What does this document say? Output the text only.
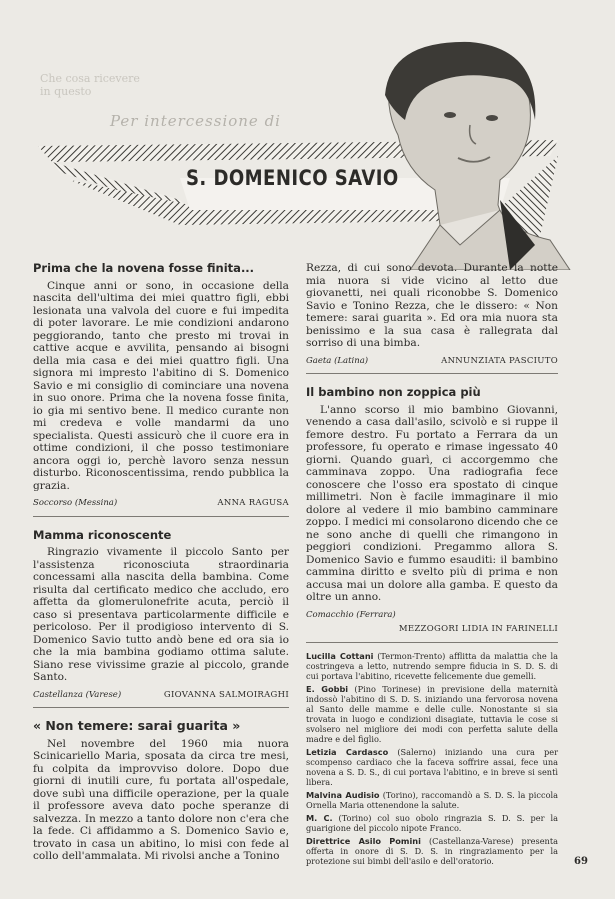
Che cosa ricevere
in questo
Per intercessione di
S. DOMENICO SAVIO
Prima che la novena fosse finita...

Cinque anni or sono, in occasione della nascita dell'ultima dei miei quattro figli, ebbi lesionata una valvola del cuore e fui impedita di poter lavorare. Le mie condizioni andarono peggiorando, tanto che presto mi trovai in cattive acque e avvilita, pensando ai bisogni della mia casa e dei miei quattro figli. Una signora mi impresto l'abitino di S. Domenico Savio e mi consiglio di cominciare una novena in suo onore. Prima che la novena fosse finita, io gia mi sentivo bene. Il medico curante non mi credeva e volle mandarmi da uno specialista. Questi assicurò che il cuore era in ottime condizioni, il che posso testimoniare ancora oggi io, perchè lavoro senza nessun disturbo. Riconoscentissima, rendo pubblica la grazia.

Soccorso (Messina)	ANNA RAGUSA
Mamma riconoscente

Ringrazio vivamente il piccolo Santo per l'assistenza riconosciuta straordinaria concessami alla nascita della bambina. Come risulta dal certificato medico che accludo, ero affetta da glomerulonefrite acuta, perciò il caso si presentava particolarmente difficile e pericoloso. Per il prodigioso intervento di S. Domenico Savio tutto andò bene ed ora sia io che la mia bambina godiamo ottima salute. Siano rese vivissime grazie al piccolo, grande Santo.

Castellanza (Varese)	GIOVANNA SALMOIRAGHI
« Non temere: sarai guarita »

Nel novembre del 1960 mia nuora Scinicariello Maria, sposata da circa tre mesi, fu colpita da improvviso dolore. Dopo due giorni di inutili cure, fu portata all'ospedale, dove subì una difficile operazione, per la quale il professore aveva dato poche speranze di salvezza. In mezzo a tanto dolore non c'era che la fede. Ci affidammo a S. Domenico Savio e, trovato in casa un abitino, lo misi con fede al collo dell'ammalata. Mi rivolsi anche a Tonino

Rezza, di cui sono devota. Durante la notte mia nuora si vide vicino al letto due giovanetti, nei quali riconobbe S. Domenico Savio e Tonino Rezza, che le dissero: « Non temere: sarai guarita ». Ed ora mia nuora sta benissimo e la sua casa è rallegrata dal sorriso di una bimba.

Gaeta (Latina)	ANNUNZIATA PASCIUTO
Il bambino non zoppica più

L'anno scorso il mio bambino Giovanni, venendo a casa dall'asilo, scivolò e si ruppe il femore destro. Fu portato a Ferrara da un professore, fu operato e rimase ingessato 40 giorni. Quando guarì, ci accorgemmo che camminava zoppo. Una radiografia fece conoscere che l'osso era spostato di cinque millimetri. Non è facile immaginare il mio dolore al vedere il mio bambino camminare zoppo. I medici mi consolarono dicendo che ce ne sono anche di quelli che rimangono in peggiori condizioni. Pregammo allora S. Domenico Savio e fummo esauditi: il bambino cammina diritto e svelto più di prima e non accusa mai un dolore alla gamba. E questo da oltre un anno.

Comacchio (Ferrara)
MEZZOGORI LIDIA IN FARINELLI

Lucilla Cottani (Termon-Trento) afflitta da malattia che la costringeva a letto, nutrendo sempre fiducia in S. D. S. di cui portava l'abitino, ricevette felicemente due gemelli.

E. Gobbi (Pino Torinese) in previsione della maternità indossò l'abitino di S. D. S. iniziando una fervorosa novena al Santo delle mamme e delle culle. Nonostante si sia trovata in luogo e condizioni disagiate, tuttavia le cose si svolsero nel migliore dei modi con perfetta salute della madre e del figlio.

Letizia Cardasco (Salerno) iniziando una cura per scompenso cardiaco che la faceva soffrire assai, fece una novena a S. D. S., di cui portava l'abitino, e in breve si sentì libera.

Malvina Audisio (Torino), raccomandò a S. D. S. la piccola Ornella Maria ottenendone la salute.

M. C. (Torino) col suo obolo ringrazia S. D. S. per la guarigione del piccolo nipote Franco.

Direttrice Asilo Pomini (Castellanza-Varese) presenta offerta in onore di S. D. S. in ringraziamento per la protezione sui bimbi dell'asilo e dell'oratorio.	69
